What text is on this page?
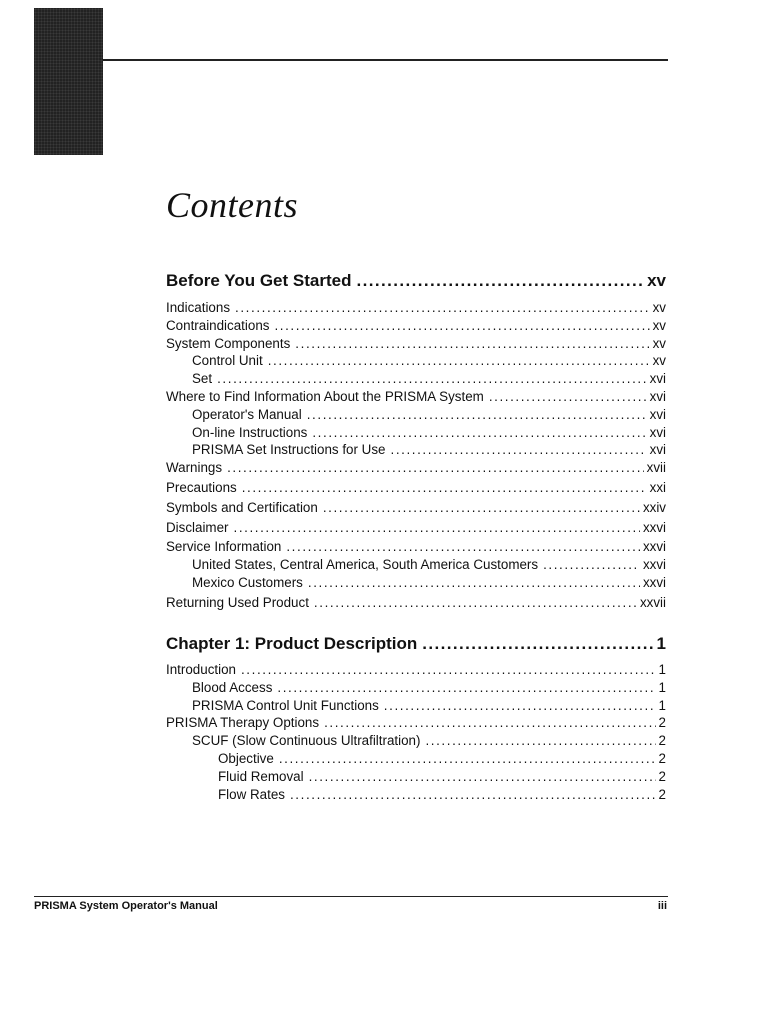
Contents
Before You Get Started .....	xv
Indications .....	xv
Contraindications .....	xv
System Components .....	xv
Control Unit .....	xv
Set .....	xvi
Where to Find Information About the PRISMA System .....	xvi
Operator's Manual .....	xvi
On-line Instructions .....	xvi
PRISMA Set Instructions for Use .....	xvi
Warnings .....	xvii
Precautions .....	xxi
Symbols and Certification .....	xxiv
Disclaimer .....	xxvi
Service Information .....	xxvi
United States, Central America, South America Customers .....	xxvi
Mexico Customers .....	xxvi
Returning Used Product .....	xxvii
Chapter 1: Product Description .....	1
Introduction .....	1
Blood Access .....	1
PRISMA Control Unit Functions .....	1
PRISMA Therapy Options .....	2
SCUF (Slow Continuous Ultrafiltration) .....	2
Objective .....	2
Fluid Removal .....	2
Flow Rates .....	2
PRISMA System Operator's Manual	iii
